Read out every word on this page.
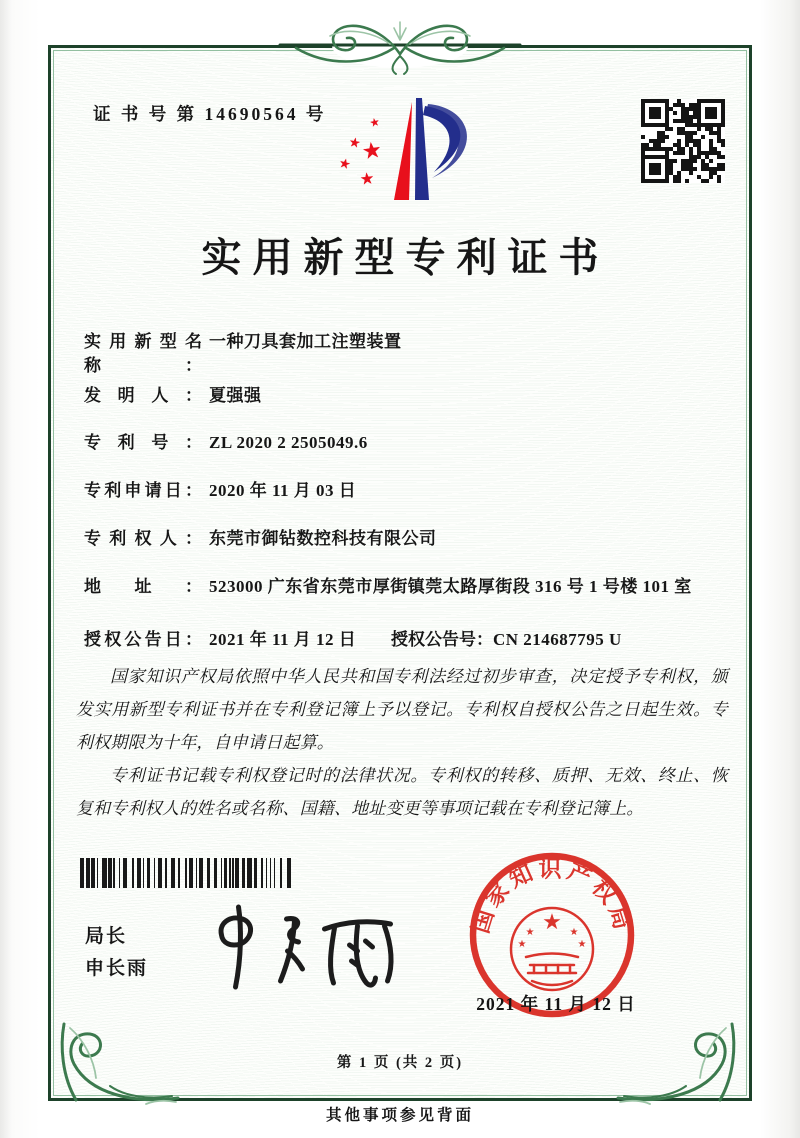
证 书 号 第 14690564 号	★
★
★
★
★
实用新型专利证书
实用新型名称：一种刀具套加工注塑装置
发明人： 夏强强
专利号： ZL 2020 2 2505049.6
专利申请日： 2020 年 11 月 03 日
专利权人： 东莞市御钻数控科技有限公司
地址： 523000 广东省东莞市厚街镇莞太路厚街段 316 号 1 号楼 101 室
授权公告日： 2021 年 11 月 12 日 授权公告号：CN 214687795 U

国家知识产权局依照中华人民共和国专利法经过初步审查，决定授予专利权，颁发实用新型专利证书并在专利登记簿上予以登记。专利权自授权公告之日起生效。专利权期限为十年，自申请日起算。

专利证书记载专利权登记时的法律状况。专利权的转移、质押、无效、终止、恢复和专利权人的姓名或名称、国籍、地址变更等事项记载在专利登记簿上。

局长
申长雨
国家知识产权局
★
★	★
★	★
2021 年 11 月 12 日
第 1 页 (共 2 页)
其他事项参见背面
